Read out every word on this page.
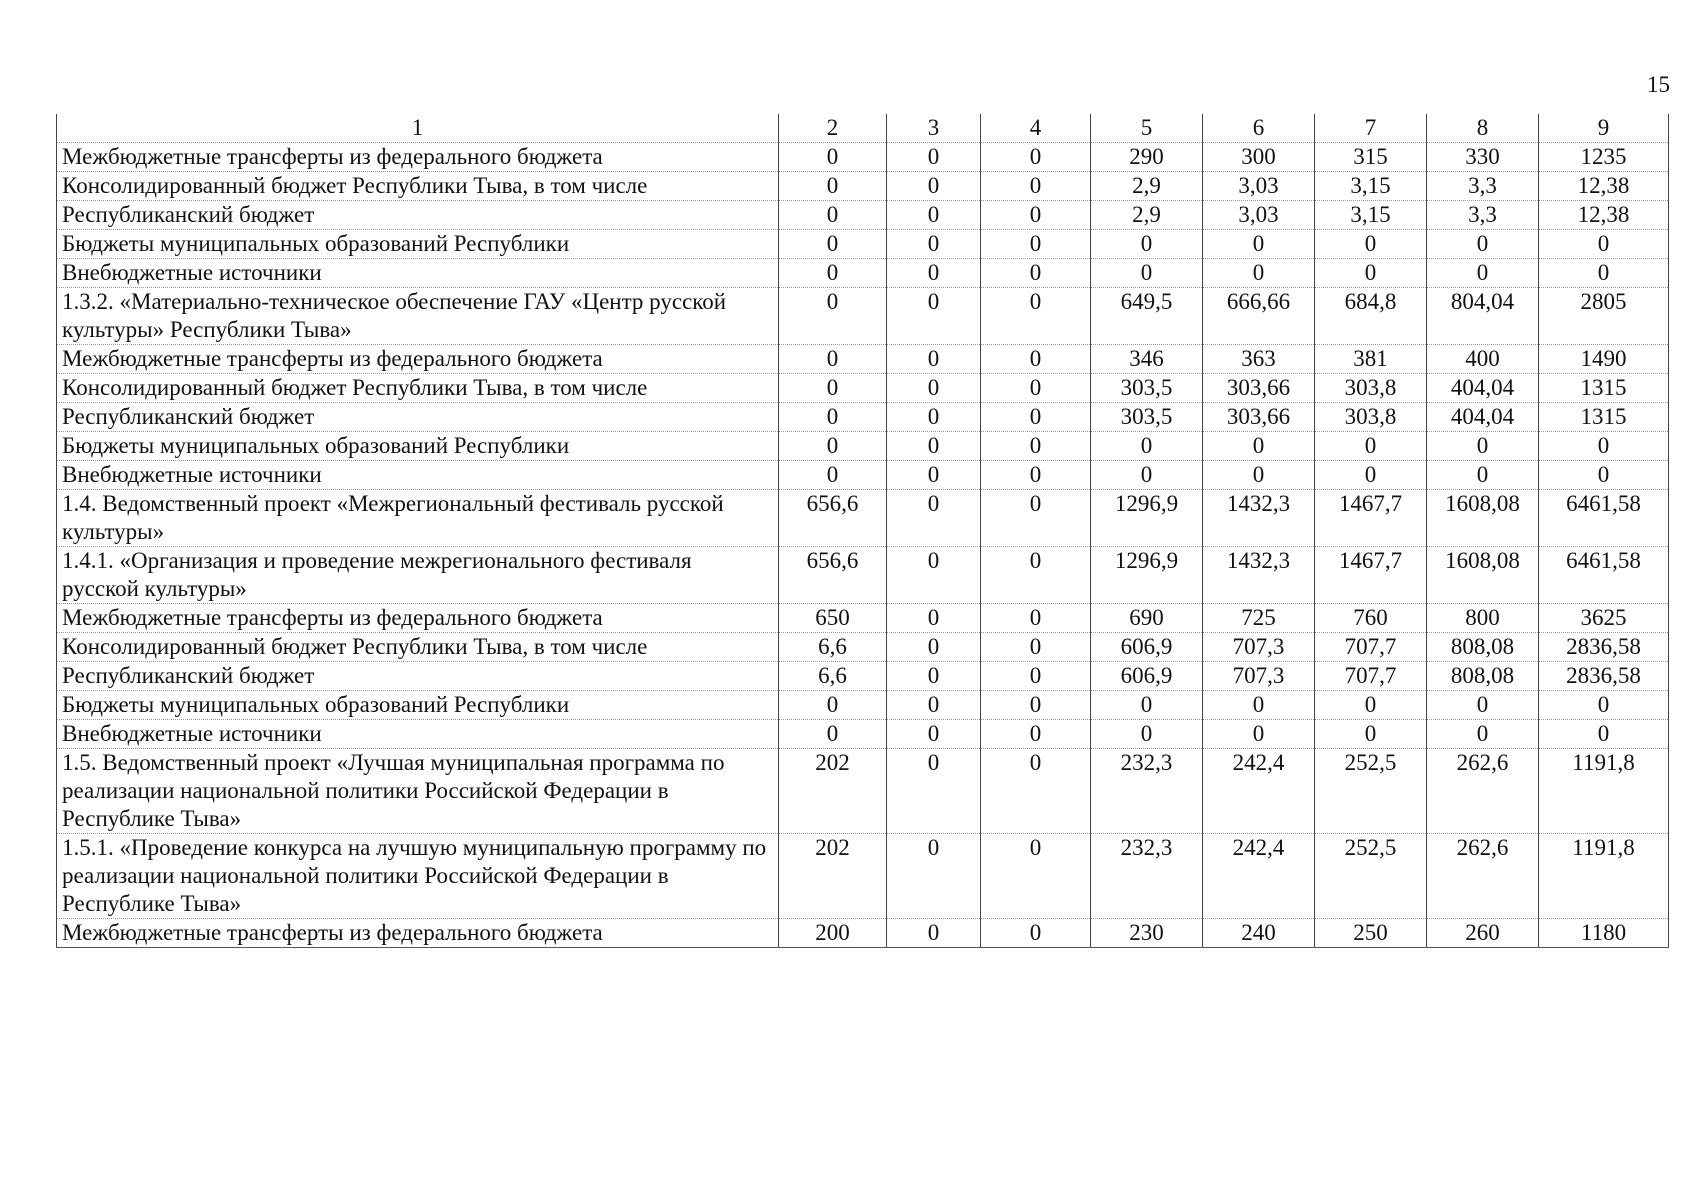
15
1	2	3	4	5	6	7	8	9
Межбюджетные трансферты из федерального бюджета	0	0	0	290	300	315	330	1235
Консолидированный бюджет Республики Тыва, в том числе	0	0	0	2,9	3,03	3,15	3,3	12,38
Республиканский бюджет	0	0	0	2,9	3,03	3,15	3,3	12,38
Бюджеты муниципальных образований Республики	0	0	0	0	0	0	0	0
Внебюджетные источники	0	0	0	0	0	0	0	0
1.3.2. «Материально-техническое обеспечение ГАУ «Центр русской культуры» Республики Тыва»	0	0	0	649,5	666,66	684,8	804,04	2805
Межбюджетные трансферты из федерального бюджета	0	0	0	346	363	381	400	1490
Консолидированный бюджет Республики Тыва, в том числе	0	0	0	303,5	303,66	303,8	404,04	1315
Республиканский бюджет	0	0	0	303,5	303,66	303,8	404,04	1315
Бюджеты муниципальных образований Республики	0	0	0	0	0	0	0	0
Внебюджетные источники	0	0	0	0	0	0	0	0
1.4. Ведомственный проект «Межрегиональный фестиваль русской культуры»	656,6	0	0	1296,9	1432,3	1467,7	1608,08	6461,58
1.4.1. «Организация и проведение межрегионального фестиваля русской культуры»	656,6	0	0	1296,9	1432,3	1467,7	1608,08	6461,58
Межбюджетные трансферты из федерального бюджета	650	0	0	690	725	760	800	3625
Консолидированный бюджет Республики Тыва, в том числе	6,6	0	0	606,9	707,3	707,7	808,08	2836,58
Республиканский бюджет	6,6	0	0	606,9	707,3	707,7	808,08	2836,58
Бюджеты муниципальных образований Республики	0	0	0	0	0	0	0	0
Внебюджетные источники	0	0	0	0	0	0	0	0
1.5. Ведомственный проект «Лучшая муниципальная программа по реализации национальной политики Российской Федерации в Республике Тыва»	202	0	0	232,3	242,4	252,5	262,6	1191,8
1.5.1. «Проведение конкурса на лучшую муниципальную программу по реализации национальной политики Российской Федерации в Республике Тыва»	202	0	0	232,3	242,4	252,5	262,6	1191,8
Межбюджетные трансферты из федерального бюджета	200	0	0	230	240	250	260	1180
